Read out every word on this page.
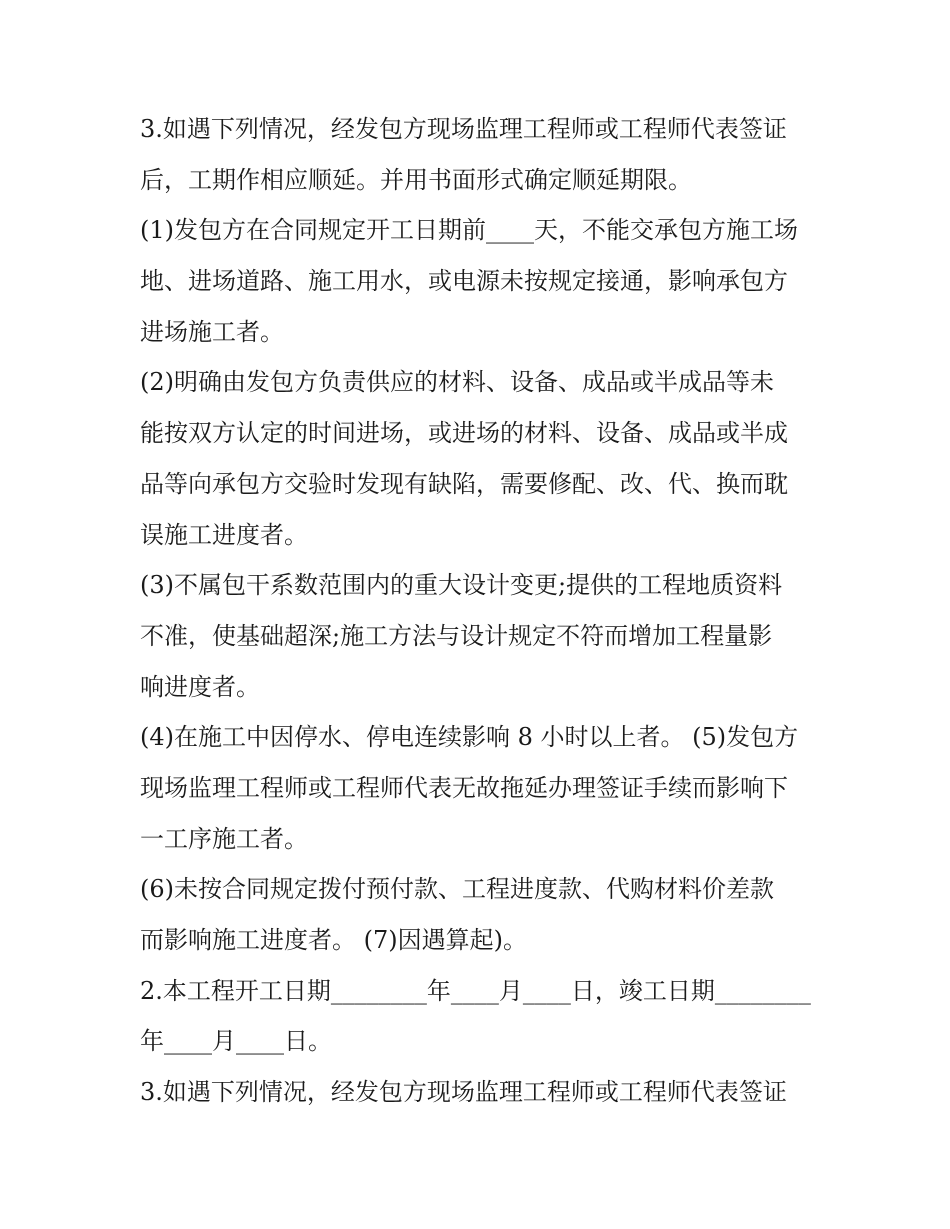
3.如遇下列情况，经发包方现场监理工程师或工程师代表签证
后，工期作相应顺延。并用书面形式确定顺延期限。
(1)发包方在合同规定开工日期前____天，不能交承包方施工场
地、进场道路、施工用水，或电源未按规定接通，影响承包方
进场施工者。
(2)明确由发包方负责供应的材料、设备、成品或半成品等未
能按双方认定的时间进场，或进场的材料、设备、成品或半成
品等向承包方交验时发现有缺陷，需要修配、改、代、换而耽
误施工进度者。
(3)不属包干系数范围内的重大设计变更;提供的工程地质资料
不准，使基础超深;施工方法与设计规定不符而增加工程量影
响进度者。
(4)在施工中因停水、停电连续影响 8 小时以上者。 (5)发包方
现场监理工程师或工程师代表无故拖延办理签证手续而影响下
一工序施工者。
(6)未按合同规定拨付预付款、工程进度款、代购材料价差款
而影响施工进度者。 (7)因遇算起)。
2.本工程开工日期________年____月____日，竣工日期________
年____月____日。
3.如遇下列情况，经发包方现场监理工程师或工程师代表签证
